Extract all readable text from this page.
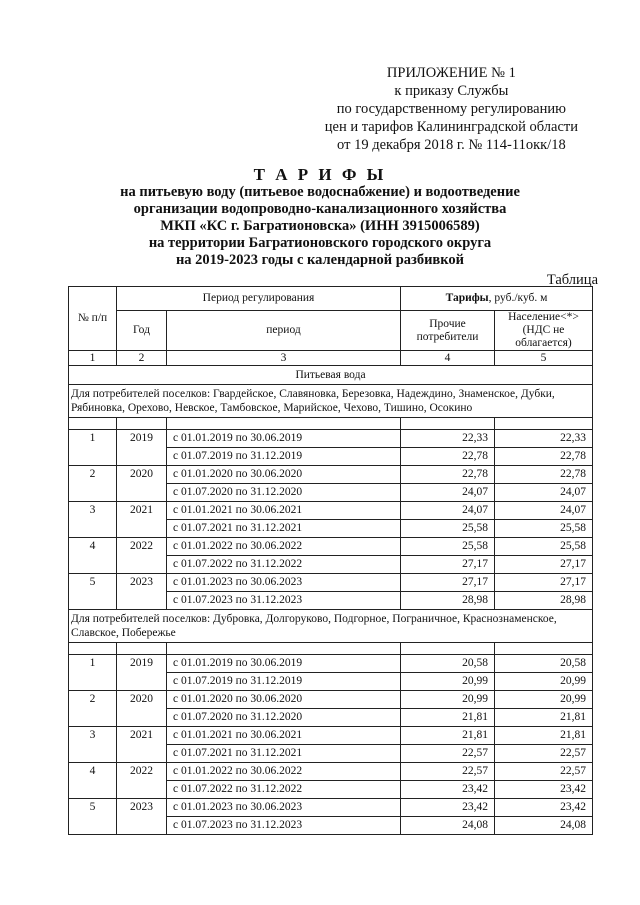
ПРИЛОЖЕНИЕ № 1
к приказу Службы
по государственному регулированию
цен и тарифов Калининградской области
от 19 декабря 2018 г. № 114-11окк/18
Т А Р И Ф Ы
на питьевую воду (питьевое водоснабжение) и водоотведение
организации водопроводно-канализационного хозяйства
МКП «КС г. Багратионовска» (ИНН 3915006589)
на территории Багратионовского городского округа
на 2019-2023 годы с календарной разбивкой
Таблица
№ п/п	Период регулирования		Тарифы, руб./куб. м	
	Год	период	Прочие потребители	Население<*> (НДС не облагается)
1	2	3	4	5
Питьевая вода				
Для потребителей поселков: Гвардейское, Славяновка, Березовка, Надеждино, Знаменское, Дубки, Рябиновка, Орехово, Невское, Тамбовское, Марийское, Чехово, Тишино, Осокино				

1	2019	с 01.01.2019 по 30.06.2019	22,33	22,33
		с 01.07.2019 по 31.12.2019	22,78	22,78
2	2020	с 01.01.2020 по 30.06.2020	22,78	22,78
		с 01.07.2020 по 31.12.2020	24,07	24,07
3	2021	с 01.01.2021 по 30.06.2021	24,07	24,07
		с 01.07.2021 по 31.12.2021	25,58	25,58
4	2022	с 01.01.2022 по 30.06.2022	25,58	25,58
		с 01.07.2022 по 31.12.2022	27,17	27,17
5	2023	с 01.01.2023 по 30.06.2023	27,17	27,17
		с 01.07.2023 по 31.12.2023	28,98	28,98
Для потребителей поселков: Дубровка, Долгоруково, Подгорное, Пограничное, Краснознаменское, Славское, Побережье				

1	2019	с 01.01.2019 по 30.06.2019	20,58	20,58
		с 01.07.2019 по 31.12.2019	20,99	20,99
2	2020	с 01.01.2020 по 30.06.2020	20,99	20,99
		с 01.07.2020 по 31.12.2020	21,81	21,81
3	2021	с 01.01.2021 по 30.06.2021	21,81	21,81
		с 01.07.2021 по 31.12.2021	22,57	22,57
4	2022	с 01.01.2022 по 30.06.2022	22,57	22,57
		с 01.07.2022 по 31.12.2022	23,42	23,42
5	2023	с 01.01.2023 по 30.06.2023	23,42	23,42
		с 01.07.2023 по 31.12.2023	24,08	24,08
